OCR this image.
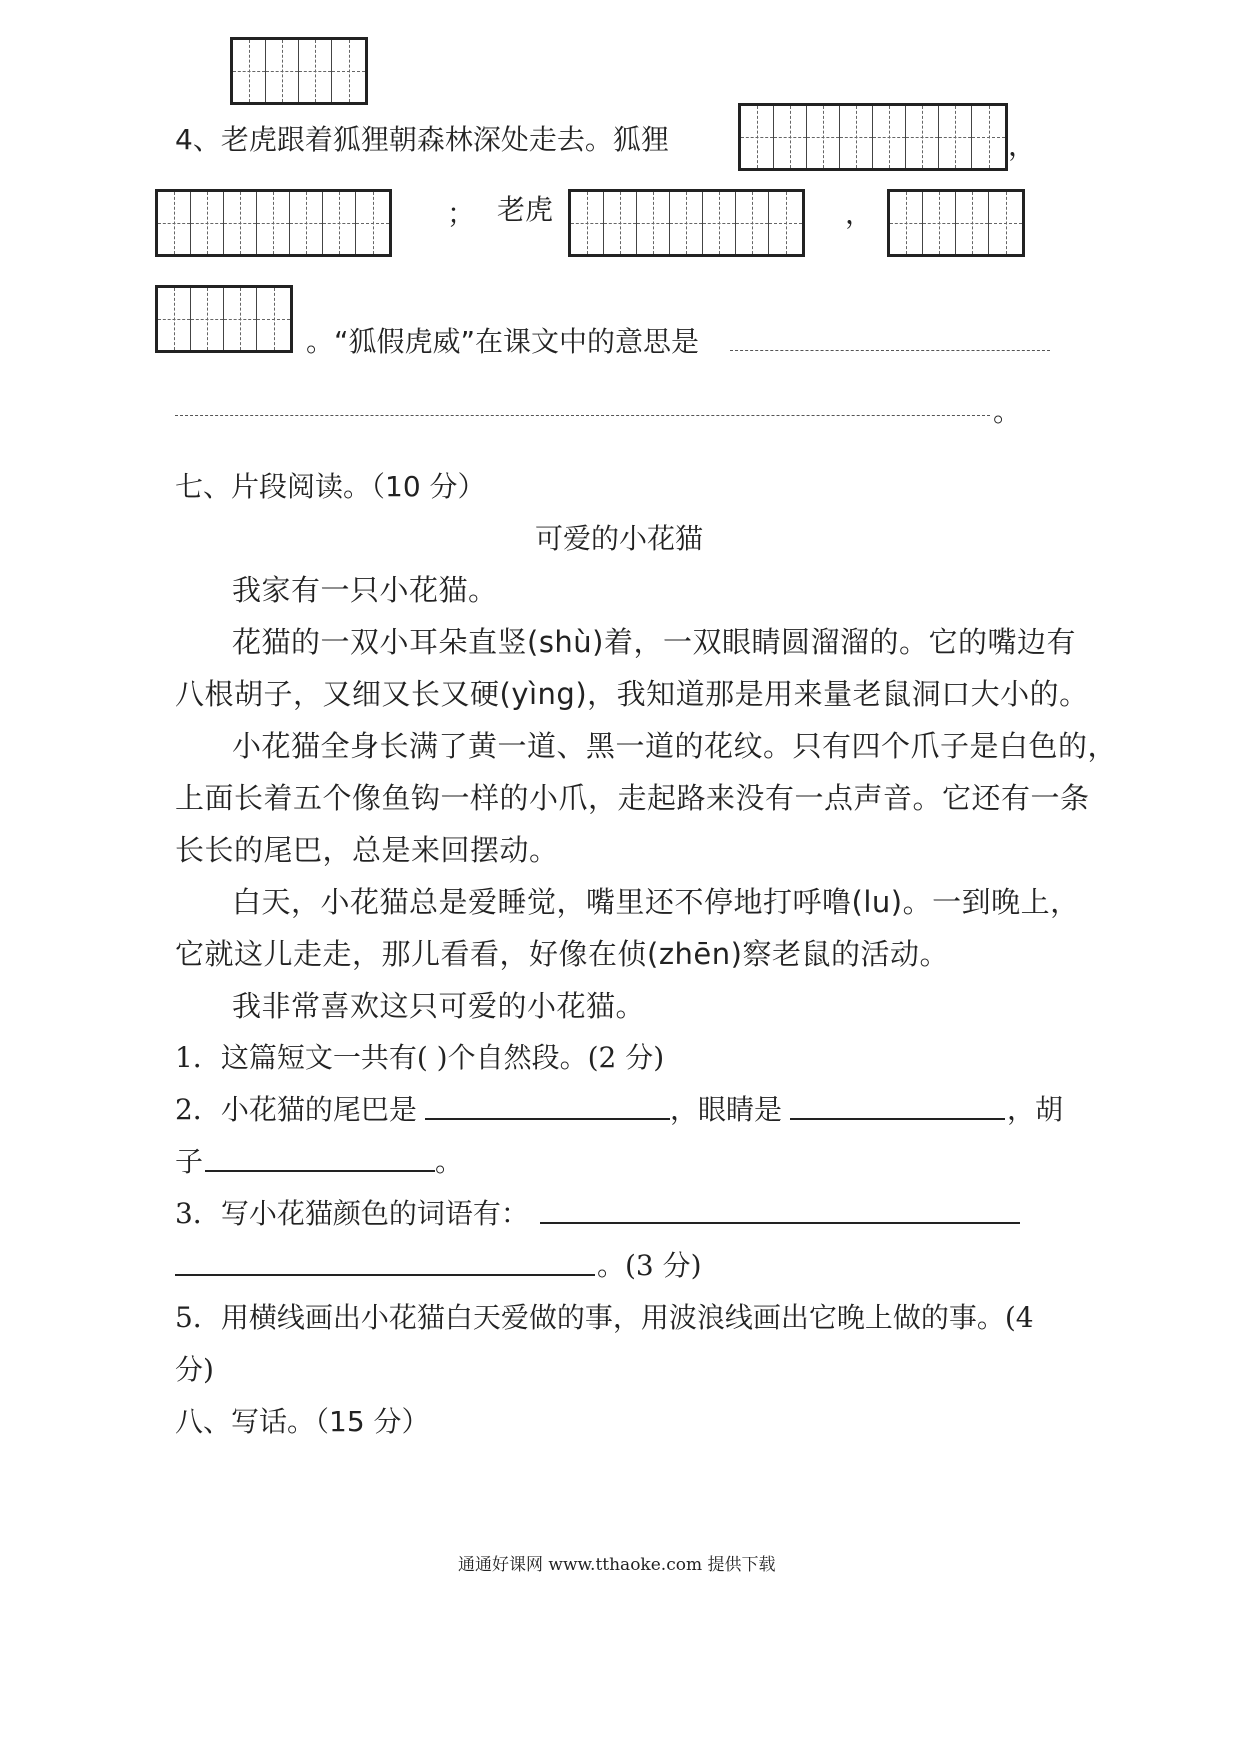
4、老虎跟着狐狸朝森林深处走去。狐狸	，
； 老虎	，
。“狐假虎威”在课文中的意思是
。
七、片段阅读。（10 分）
可爱的小花猫
我家有一只小花猫。
花猫的一双小耳朵直竖(shù)着，一双眼睛圆溜溜的。它的嘴边有
八根胡子，又细又长又硬(yìng)，我知道那是用来量老鼠洞口大小的。
小花猫全身长满了黄一道、黑一道的花纹。只有四个爪子是白色的，
上面长着五个像鱼钩一样的小爪，走起路来没有一点声音。它还有一条
长长的尾巴，总是来回摆动。
白天，小花猫总是爱睡觉，嘴里还不停地打呼噜(lu)。一到晚上，
它就这儿走走，那儿看看，好像在侦(zhēn)察老鼠的活动。
我非常喜欢这只可爱的小花猫。
1．这篇短文一共有( )个自然段。(2 分)
2．小花猫的尾巴是	，眼睛是	，胡
子	。
3．写小花猫颜色的词语有：
。(3 分)
5．用横线画出小花猫白天爱做的事，用波浪线画出它晚上做的事。(4
分)
八、写话。（15 分）
通通好课网 www.tthaoke.com 提供下载
